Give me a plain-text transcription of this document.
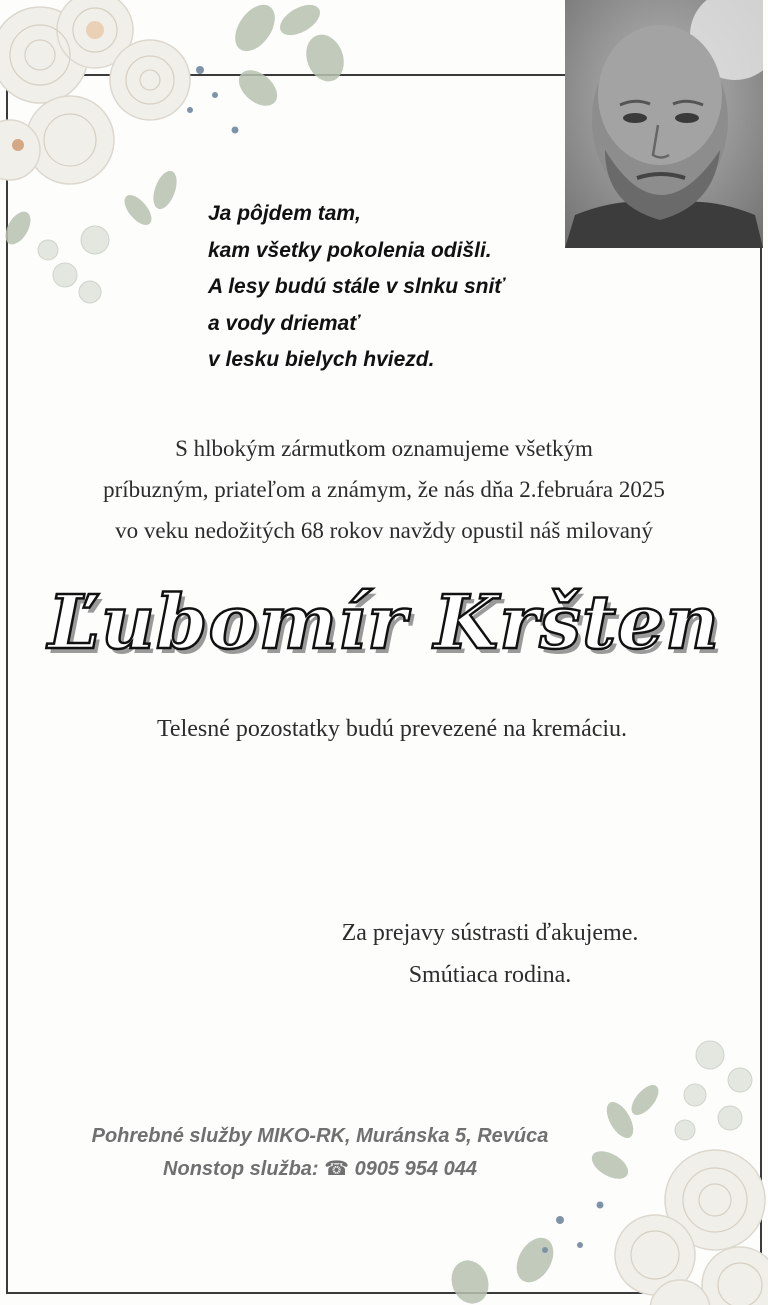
Ja pôjdem tam,
kam všetky pokolenia odišli.
A lesy budú stále v slnku sniť
a vody driemať
v lesku bielych hviezd.
S hlbokým zármutkom oznamujeme všetkým
príbuzným, priateľom a známym, že nás dňa 2.februára 2025
vo veku nedožitých 68 rokov navždy opustil náš milovaný
Ľubomír Kršten
Telesné pozostatky budú prevezené na kremáciu.
Za prejavy sústrasti ďakujeme.
Smútiaca rodina.
Pohrebné služby MIKO-RK, Muránska 5, Revúca
Nonstop služba: ☎ 0905 954 044
